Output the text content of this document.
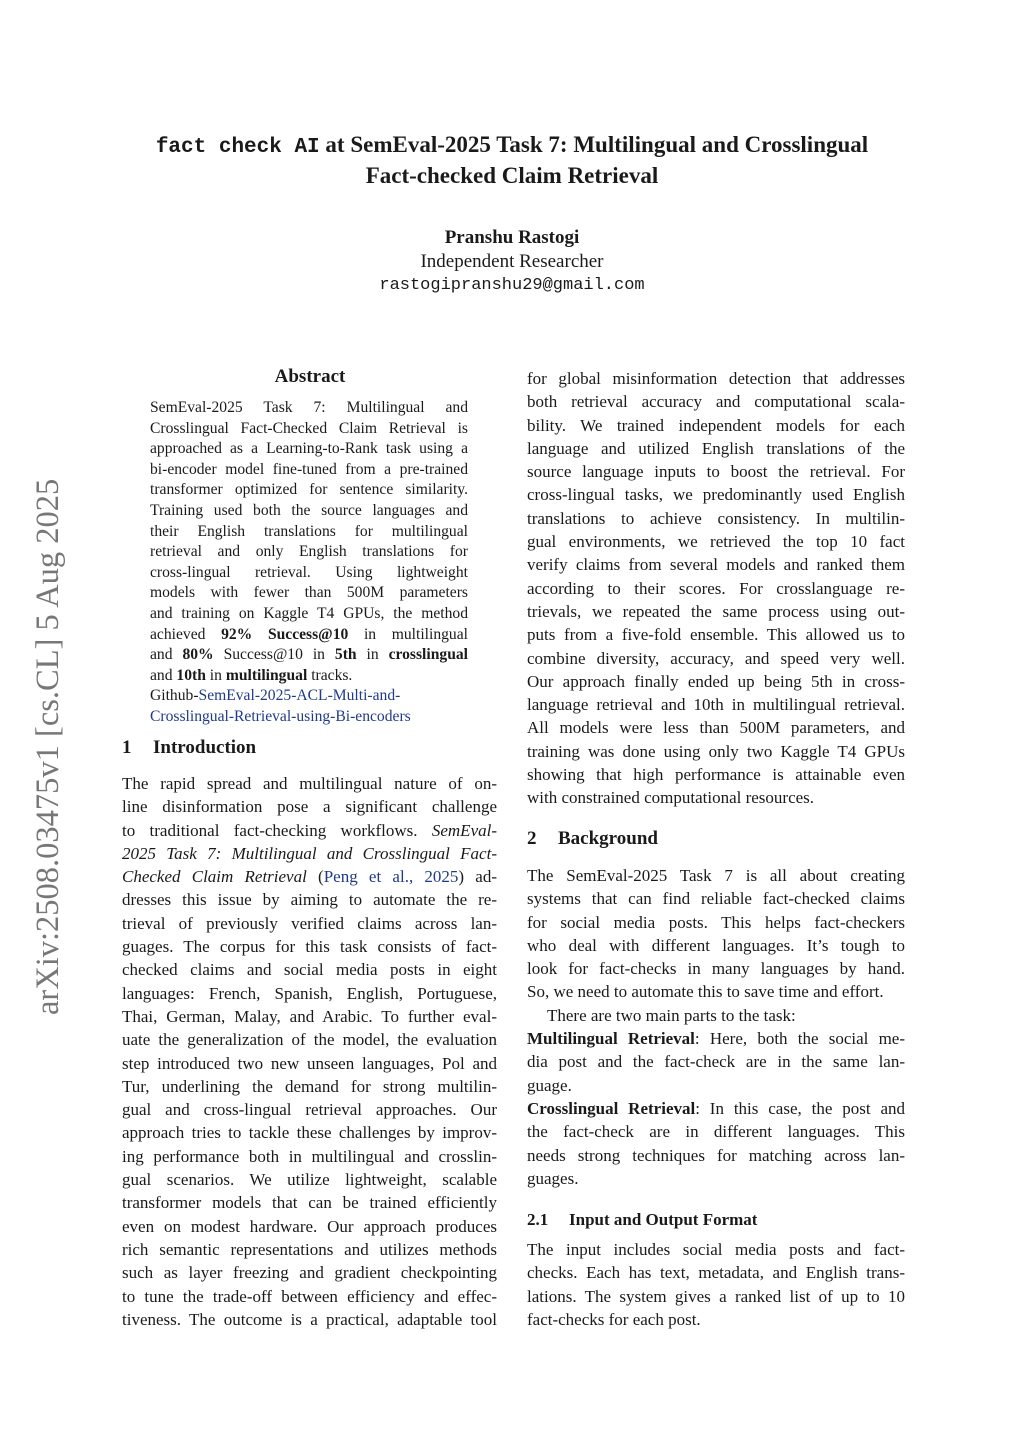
arXiv:2508.03475v1 [cs.CL] 5 Aug 2025
fact check AI at SemEval-2025 Task 7: Multilingual and Crosslingual
Fact-checked Claim Retrieval
Pranshu Rastogi
Independent Researcher
rastogipranshu29@gmail.com
Abstract
SemEval-2025 Task 7: Multilingual and
Crosslingual Fact-Checked Claim Retrieval is
approached as a Learning-to-Rank task using a
bi-encoder model fine-tuned from a pre-trained
transformer optimized for sentence similarity.
Training used both the source languages and
their English translations for multilingual
retrieval and only English translations for
cross-lingual retrieval. Using lightweight
models with fewer than 500M parameters
and training on Kaggle T4 GPUs, the method
achieved 92% Success@10 in multilingual
and 80% Success@10 in 5th in crosslingual
and 10th in multilingual tracks.
Github-SemEval-2025-ACL-Multi-and-
Crosslingual-Retrieval-using-Bi-encoders
1 Introduction
The rapid spread and multilingual nature of on-
line disinformation pose a significant challenge
to traditional fact-checking workflows. SemEval-
2025 Task 7: Multilingual and Crosslingual Fact-
Checked Claim Retrieval (Peng et al., 2025) ad-
dresses this issue by aiming to automate the re-
trieval of previously verified claims across lan-
guages. The corpus for this task consists of fact-
checked claims and social media posts in eight
languages: French, Spanish, English, Portuguese,
Thai, German, Malay, and Arabic. To further eval-
uate the generalization of the model, the evaluation
step introduced two new unseen languages, Pol and
Tur, underlining the demand for strong multilin-
gual and cross-lingual retrieval approaches. Our
approach tries to tackle these challenges by improv-
ing performance both in multilingual and crosslin-
gual scenarios. We utilize lightweight, scalable
transformer models that can be trained efficiently
even on modest hardware. Our approach produces
rich semantic representations and utilizes methods
such as layer freezing and gradient checkpointing
to tune the trade-off between efficiency and effec-
tiveness. The outcome is a practical, adaptable tool
for global misinformation detection that addresses
both retrieval accuracy and computational scala-
bility. We trained independent models for each
language and utilized English translations of the
source language inputs to boost the retrieval. For
cross-lingual tasks, we predominantly used English
translations to achieve consistency. In multilin-
gual environments, we retrieved the top 10 fact
verify claims from several models and ranked them
according to their scores. For crosslanguage re-
trievals, we repeated the same process using out-
puts from a five-fold ensemble. This allowed us to
combine diversity, accuracy, and speed very well.
Our approach finally ended up being 5th in cross-
language retrieval and 10th in multilingual retrieval.
All models were less than 500M parameters, and
training was done using only two Kaggle T4 GPUs
showing that high performance is attainable even
with constrained computational resources.
2 Background
The SemEval-2025 Task 7 is all about creating
systems that can find reliable fact-checked claims
for social media posts. This helps fact-checkers
who deal with different languages. It’s tough to
look for fact-checks in many languages by hand.
So, we need to automate this to save time and effort.
There are two main parts to the task:
Multilingual Retrieval: Here, both the social me-
dia post and the fact-check are in the same lan-
guage.
Crosslingual Retrieval: In this case, the post and
the fact-check are in different languages. This
needs strong techniques for matching across lan-
guages.
2.1 Input and Output Format
The input includes social media posts and fact-
checks. Each has text, metadata, and English trans-
lations. The system gives a ranked list of up to 10
fact-checks for each post.
